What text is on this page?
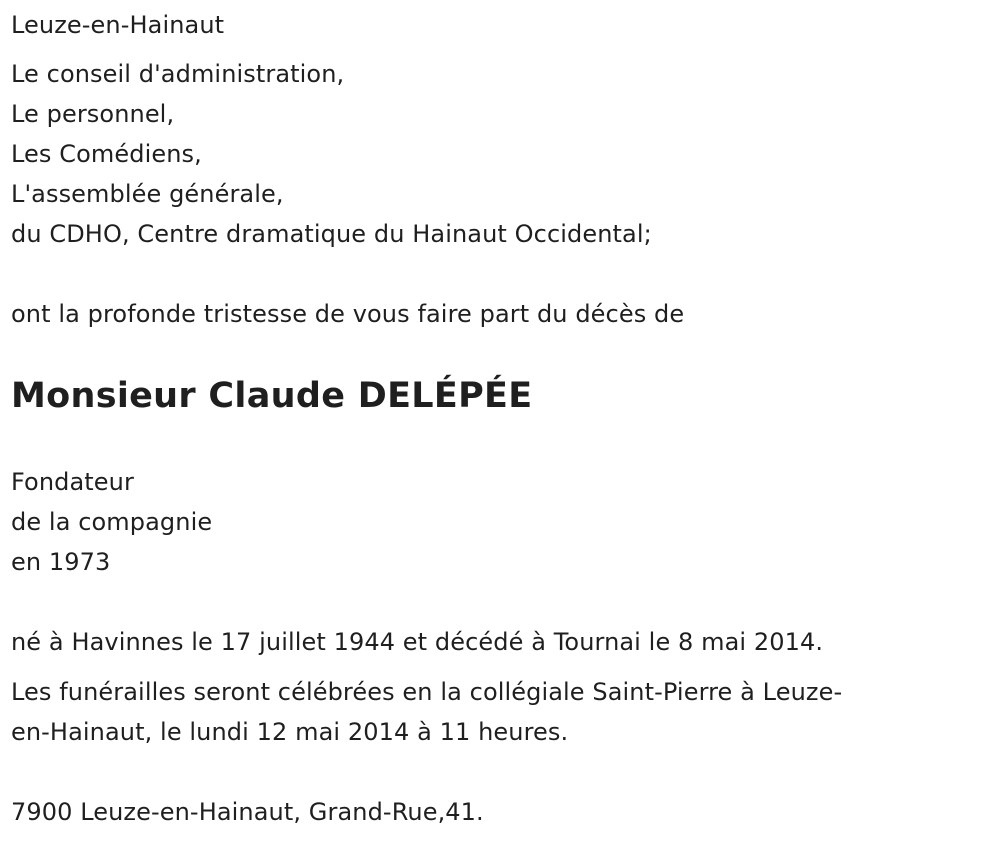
Leuze-en-Hainaut
Le conseil d'administration,
Le personnel,
Les Comédiens,
L'assemblée générale,
du CDHO, Centre dramatique du Hainaut Occidental;
ont la profonde tristesse de vous faire part du décès de
Monsieur Claude DELÉPÉE
Fondateur
de la compagnie
en 1973
né à Havinnes le 17 juillet 1944 et décédé à Tournai le 8 mai 2014.
Les funérailles seront célébrées en la collégiale Saint-Pierre à Leuze-
en-Hainaut, le lundi 12 mai 2014 à 11 heures.
7900 Leuze-en-Hainaut, Grand-Rue,41.
